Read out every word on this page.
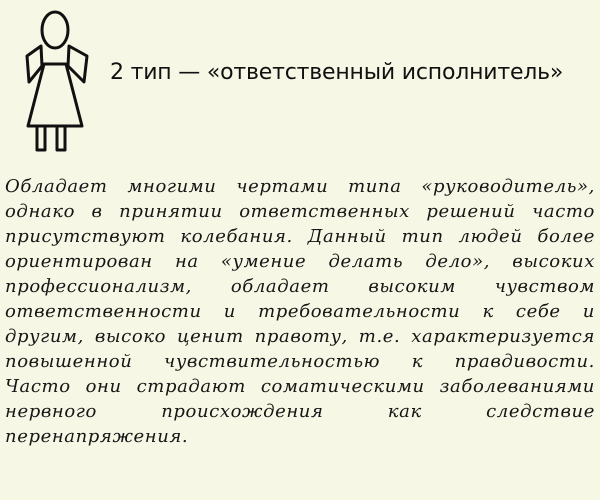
2 тип — «ответственный исполнитель»
Обладает многими чертами типа «руководитель», однако в принятии ответственных решений часто присутствуют колебания. Данный тип людей более ориентирован на «умение делать дело», высоких профессионализм, обладает высоким чувством ответственности и требовательности к себе и другим, высоко ценит правоту, т.е. характеризуется повышенной чувствительностью к правдивости. Часто они страдают соматическими заболеваниями нервного происхождения как следствие перенапряжения.
